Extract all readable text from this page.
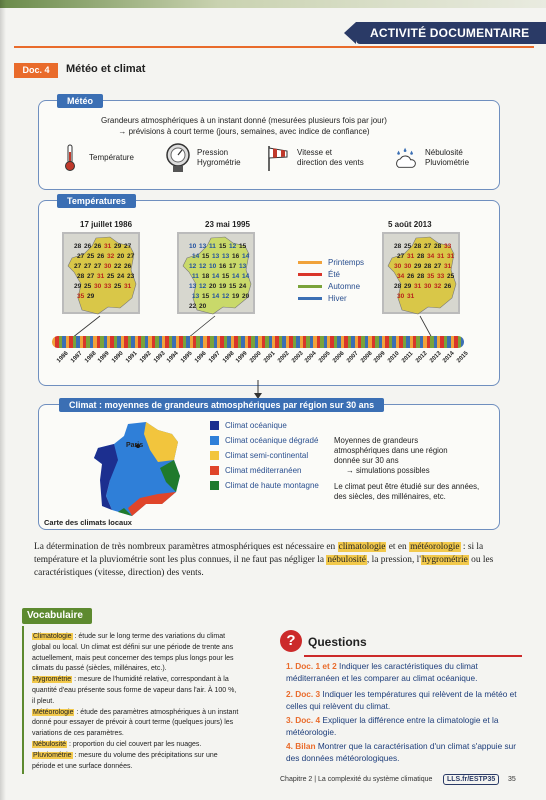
ACTIVITÉ DOCUMENTAIRE
Doc. 4	Météo et climat
Météo
Grandeurs atmosphériques à un instant donné (mesurées plusieurs fois par jour)
→ prévisions à court terme (jours, semaines, avec indice de confiance)
Température
Pression
Hygrométrie
Vitesse et
direction des vents
Nébulosité
Pluviométrie
Températures
17 juillet 1986	23 mai 1995	5 août 2013
28 26 26 31 29 27
27 25 26 32 20 27
27 27 27 30 22 26
28 27 31 25 24 23
29 25 30 33 25 31
35 29
10 13 11 15 12 15
14 15 13 13 16 14
12 12 10 16 17 13
11 18 14 15 14 14
13 12 20 19 15 24
13 15 14 12 19 20
22 20
28 25 28 27 28 33
27 31 28 34 31 31
30 30 29 28 27 31
34 26 28 35 33 25
28 29 31 30 32 26
30 31
Printemps
Été
Automne
Hiver
1986 1987 1988 1989 1990 1991 1992 1993 1994 1995 1996 1997 1998 1999 2000 2001 2002 2003 2004 2005 2006 2007 2008 2009 2010 2011 2012 2013 2014 2015
Climat : moyennes de grandeurs atmosphériques par région sur 30 ans
Paris
Carte des climats locaux
Climat océanique
Climat océanique dégradé
Climat semi-continental
Climat méditerranéen
Climat de haute montagne
Moyennes de grandeurs
atmosphériques dans une région
donnée sur 30 ans
→ simulations possibles
Le climat peut être étudié sur des années,
des siècles, des millénaires, etc.
La détermination de très nombreux paramètres atmosphériques est nécessaire en climatologie et en météorologie : si la température et la pluviométrie sont les plus connues, il ne faut pas négliger la nébulosité, la pression, l'hygrométrie ou les caractéristiques (vitesse, direction) des vents.
Vocabulaire
Climatologie : étude sur le long terme des variations du climat
global ou local. Un climat est défini sur une période de trente ans
actuellement, mais peut concerner des temps plus longs pour les
climats du passé (siècles, millénaires, etc.).
Hygrométrie : mesure de l'humidité relative, correspondant à la
quantité d'eau présente sous forme de vapeur dans l'air. À 100 %,
il pleut.
Météorologie : étude des paramètres atmosphériques à un instant
donné pour essayer de prévoir à court terme (quelques jours) les
variations de ces paramètres.
Nébulosité : proportion du ciel couvert par les nuages.
Pluviométrie : mesure du volume des précipitations sur une
période et une surface données.
?	Questions
1. Doc. 1 et 2 Indiquer les caractéristiques du climat méditerranéen et les comparer au climat océanique.
2. Doc. 3 Indiquer les températures qui relèvent de la météo et celles qui relèvent du climat.
3. Doc. 4 Expliquer la différence entre la climatologie et la météorologie.
4. Bilan Montrer que la caractérisation d'un climat s'appuie sur des données météorologiques.
Chapitre 2 | La complexité du système climatique	LLS.fr/ESTP35	35
